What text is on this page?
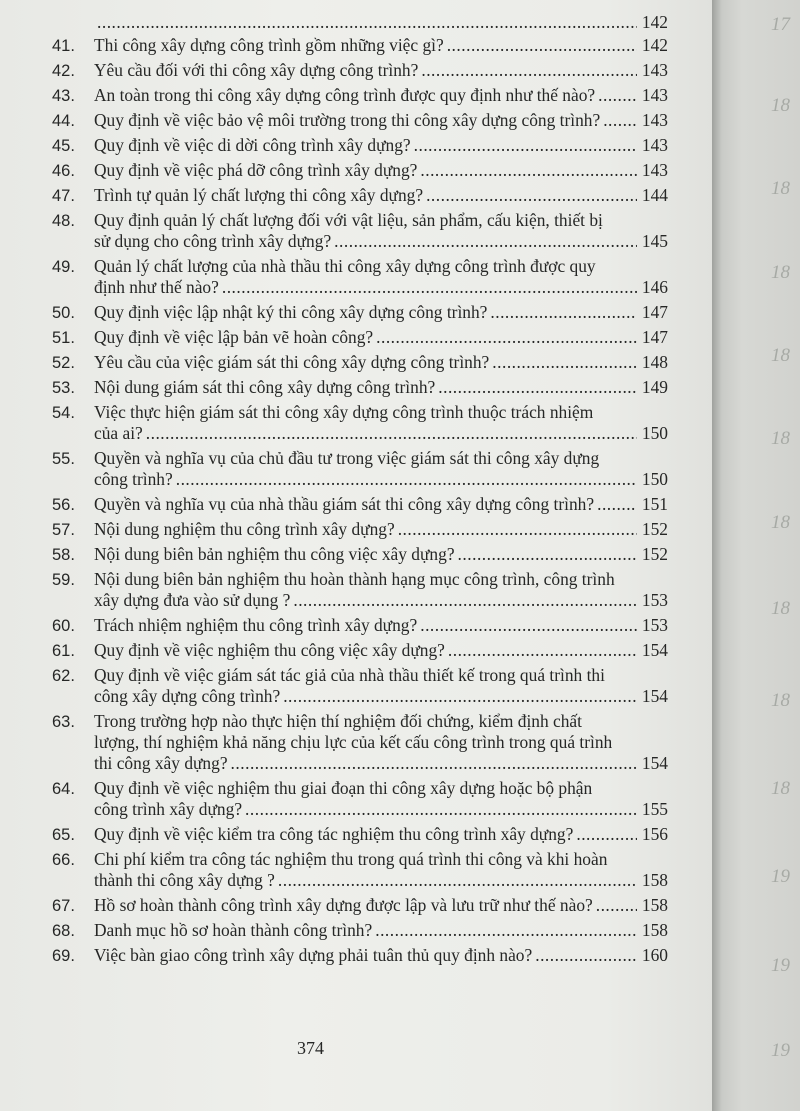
.....
142
41.	Thi công xây dựng công trình gồm những việc gì? .....	142
42.	Yêu cầu đối với thi công xây dựng công trình? .....	143
43.	An toàn trong thi công xây dựng công trình được quy định như thế nào? .....	143
44.	Quy định về việc bảo vệ môi trường trong thi công xây dựng công trình? ..... 143
45.	Quy định về việc di dời công trình xây dựng? .....	143
46.	Quy định về việc phá dỡ công trình xây dựng? .....	143
47.	Trình tự quản lý chất lượng thi công xây dựng? .....	144
48.	Quy định quản lý chất lượng đối với vật liệu, sản phẩm, cấu kiện, thiết bị
sử dụng cho công trình xây dựng? .....	145
49.	Quản lý chất lượng của nhà thầu thi công xây dựng công trình được quy
định như thế nào? .....	146
50.	Quy định việc lập nhật ký thi công xây dựng công trình? .....	147
51.	Quy định về việc lập bản vẽ hoàn công? .....	147
52.	Yêu cầu của việc giám sát thi công xây dựng công trình? .....	148
53.	Nội dung giám sát thi công xây dựng công trình? .....	149
54.	Việc thực hiện giám sát thi công xây dựng công trình thuộc trách nhiệm
của ai? .....	150
55.	Quyền và nghĩa vụ của chủ đầu tư trong việc giám sát thi công xây dựng
công trình? .....	150
56.	Quyền và nghĩa vụ của nhà thầu giám sát thi công xây dựng công trình? .....	151
57.	Nội dung nghiệm thu công trình xây dựng? .....	152
58.	Nội dung biên bản nghiệm thu công việc xây dựng? .....	152
59.	Nội dung biên bản nghiệm thu hoàn thành hạng mục công trình, công trình
xây dựng đưa vào sử dụng ? .....	153
60.	Trách nhiệm nghiệm thu công trình xây dựng? .....	153
61.	Quy định về việc nghiệm thu công việc xây dựng? .....	154
62.	Quy định về việc giám sát tác giả của nhà thầu thiết kế trong quá trình thi
công xây dựng công trình? .....	154
63.	Trong trường hợp nào thực hiện thí nghiệm đối chứng, kiểm định chất
lượng, thí nghiệm khả năng chịu lực của kết cấu công trình trong quá trình
thi công xây dựng? .....	154
64.	Quy định về việc nghiệm thu giai đoạn thi công xây dựng hoặc bộ phận
công trình xây dựng? .....	155
65.	Quy định về việc kiểm tra công tác nghiệm thu công trình xây dựng? .....	156
66.	Chi phí kiểm tra công tác nghiệm thu trong quá trình thi công và khi hoàn
thành thi công xây dựng ? .....	158
67.	Hồ sơ hoàn thành công trình xây dựng được lập và lưu trữ như thế nào? .....	158
68.	Danh mục hồ sơ hoàn thành công trình? .....	158
69.	Việc bàn giao công trình xây dựng phải tuân thủ quy định nào? .....	160
374
17
18
18
18
18
18
18
18
18
18
19
19
19
